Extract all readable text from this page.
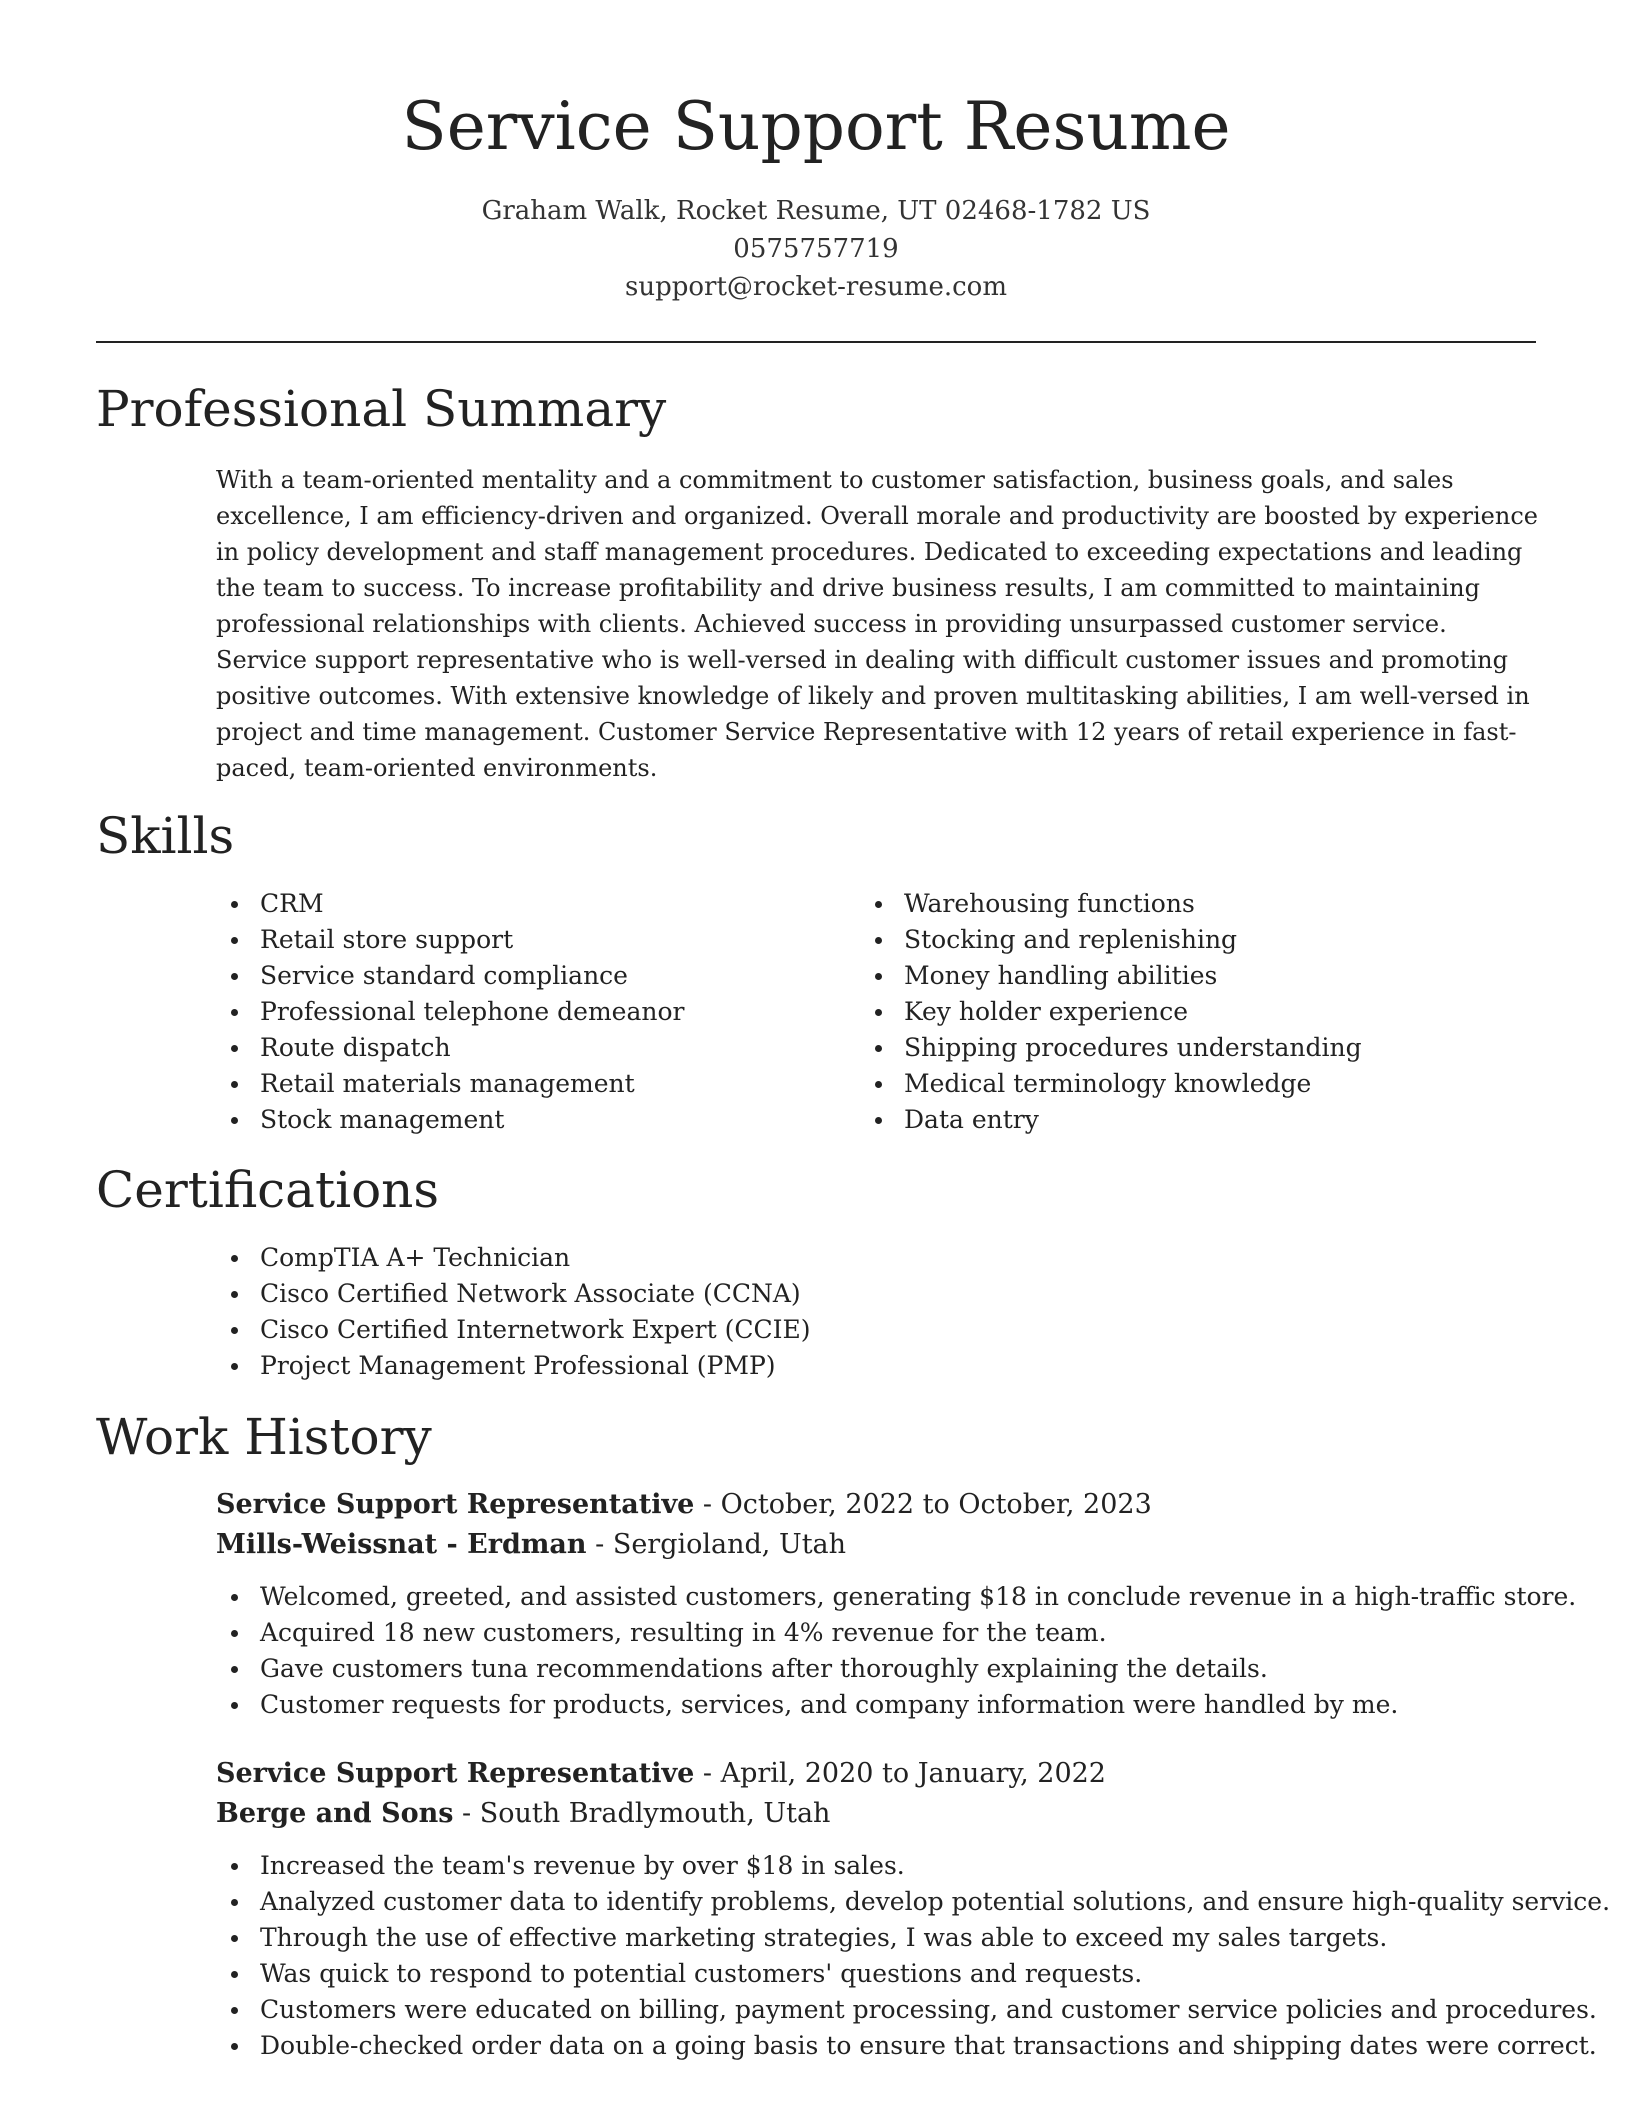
Service Support Resume
Graham Walk, Rocket Resume, UT 02468-1782 US
0575757719
support@rocket-resume.com
Professional Summary

With a team-oriented mentality and a commitment to customer satisfaction, business goals, and sales excellence, I am efficiency-driven and organized. Overall morale and productivity are boosted by experience in policy development and staff management procedures. Dedicated to exceeding expectations and leading the team to success. To increase profitability and drive business results, I am committed to maintaining professional relationships with clients. Achieved success in providing unsurpassed customer service. Service support representative who is well-versed in dealing with difficult customer issues and promoting positive outcomes. With extensive knowledge of likely and proven multitasking abilities, I am well-versed in project and time management. Customer Service Representative with 12 years of retail experience in fast-paced, team-oriented environments.

Skills
CRM
Retail store support
Service standard compliance
Professional telephone demeanor
Route dispatch
Retail materials management
Stock management
Warehousing functions
Stocking and replenishing
Money handling abilities
Key holder experience
Shipping procedures understanding
Medical terminology knowledge
Data entry
Certifications
CompTIA A+ Technician
Cisco Certified Network Associate (CCNA)
Cisco Certified Internetwork Expert (CCIE)
Project Management Professional (PMP)
Work History
Service Support Representative - October, 2022 to October, 2023
Mills-Weissnat - Erdman - Sergioland, Utah
Welcomed, greeted, and assisted customers, generating $18 in conclude revenue in a high-traffic store.
Acquired 18 new customers, resulting in 4% revenue for the team.
Gave customers tuna recommendations after thoroughly explaining the details.
Customer requests for products, services, and company information were handled by me.
Service Support Representative - April, 2020 to January, 2022
Berge and Sons - South Bradlymouth, Utah
Increased the team's revenue by over $18 in sales.
Analyzed customer data to identify problems, develop potential solutions, and ensure high-quality service.
Through the use of effective marketing strategies, I was able to exceed my sales targets.
Was quick to respond to potential customers' questions and requests.
Customers were educated on billing, payment processing, and customer service policies and procedures.
Double-checked order data on a going basis to ensure that transactions and shipping dates were correct.
